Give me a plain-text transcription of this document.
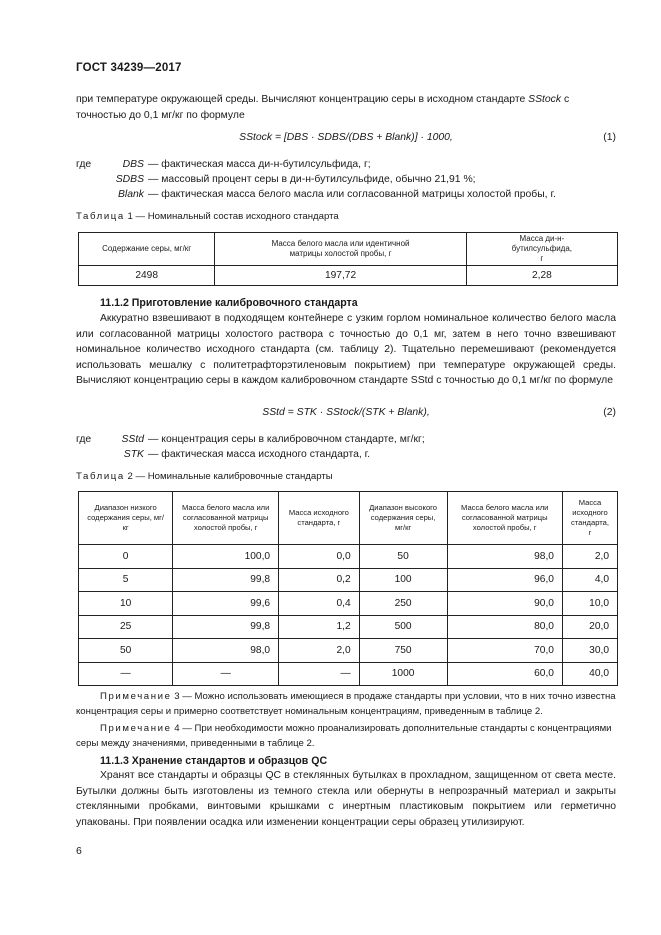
ГОСТ 34239—2017
при температуре окружающей среды. Вычисляют концентрацию серы в исходном стандарте SStock с
точностью до 0,1 мг/кг по формуле
SStock = [DBS · SDBS/(DBS + Blank)] · 1000,	(1)
где	DBS — фактическая масса ди-н-бутилсульфида, г;
SDBS — массовый процент серы в ди-н-бутилсульфиде, обычно 21,91 %;
Blank — фактическая масса белого масла или согласованной матрицы холостой пробы, г.
Таблица 1 — Номинальный состав исходного стандарта
Содержание серы, мг/кг	Масса белого масла или идентичной матрицы холостой пробы, г	Масса ди-н-бутилсульфида, г
2498	197,72	2,28
11.1.2 Приготовление калибровочного стандарта
Аккуратно взвешивают в подходящем контейнере с узким горлом номинальное количество белого масла или согласованной матрицы холостого раствора с точностью до 0,1 мг, затем в него точно взвешивают номинальное количество исходного стандарта (см. таблицу 2). Тщательно перемешивают (рекомендуется использовать мешалку с политетрафторэтиленовым покрытием) при температуре окружающей среды. Вычисляют концентрацию серы в каждом калибровочном стандарте SStd с точностью до 0,1 мг/кг по формуле
SStd = STK · SStock/(STK + Blank),	(2)
где	SStd — концентрация серы в калибровочном стандарте, мг/кг;
STK — фактическая масса исходного стандарта, г.
Таблица 2 — Номинальные калибровочные стандарты
Диапазон низкого содержания серы, мг/кг	Масса белого масла или согласованной матрицы холостой пробы, г	Масса исходного стандарта, г	Диапазон высокого содержания серы, мг/кг	Масса белого масла или согласованной матрицы холостой пробы, г	Масса исходного стандарта, г
0	100,0	0,0	50	98,0	2,0
5	99,8	0,2	100	96,0	4,0
10	99,6	0,4	250	90,0	10,0
25	99,8	1,2	500	80,0	20,0
50	98,0	2,0	750	70,0	30,0
—	—	—	1000	60,0	40,0
Примечание 3 — Можно использовать имеющиеся в продаже стандарты при условии, что в них точно известна концентрация серы и примерно соответствует номинальным концентрациям, приведенным в таблице 2.
Примечание 4 — При необходимости можно проанализировать дополнительные стандарты с концентрациями серы между значениями, приведенными в таблице 2.
11.1.3 Хранение стандартов и образцов QC
Хранят все стандарты и образцы QC в стеклянных бутылках в прохладном, защищенном от света месте. Бутылки должны быть изготовлены из темного стекла или обернуты в непрозрачный материал и закрыты стеклянными пробками, винтовыми крышками с инертным пластиковым покрытием или герметично упакованы. При появлении осадка или изменении концентрации серы образец утилизируют.
6
